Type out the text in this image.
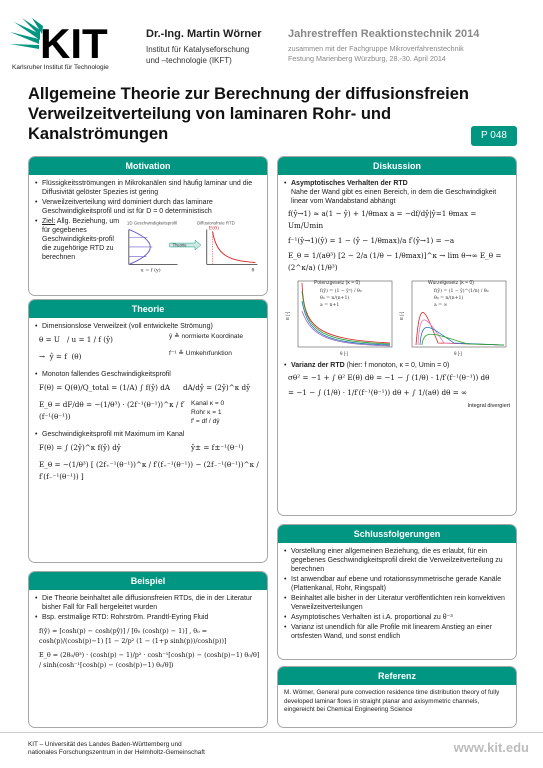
KIT
Karlsruher Institut für Technologie
Dr.-Ing. Martin Wörner
Institut für Katalyseforschung
und –technologie (IKFT)
Jahrestreffen Reaktionstechnik 2014
zusammen mit der Fachgruppe Mikroverfahrenstechnik
Festung Marienberg Würzburg, 28.-30. April 2014
Allgemeine Theorie zur Berechnung der diffusionsfreien
Verweilzeitverteilung von laminaren Rohr- und
Kanalströmungen	P 048
Motivation
• Flüssigkeitsströmungen in Mikrokanälen sind häufig laminar und die Diffusivität gelöster Spezies ist gering
• Verweilzeitverteilung wird dominiert durch das laminare Geschwindigkeitsprofil und ist für D = 0 deterministisch
• Ziel: Allg. Beziehung, um für gegebenes Geschwindigkeits-profil die zugehörige RTD zu berechnen
1D Geschwindigkeitsprofil	Diffusionsfreie RTD
u = f (y)
Theorie
E(θ)
θ
Theorie
• Dimensionslose Verweilzeit (voll entwickelte Strömung)
θ = U   / u = 1 / f (ŷ)	ŷ ≙ normierte Koordinate
→  ŷ = f  (θ)	f⁻¹ ≙ Umkehrfunktion
• Monoton fallendes Geschwindigkeitsprofil
F(θ) = Q(θ)/Q_total = (1/A) ∫ f(ŷ) dA	dA/dŷ = (2ŷ)^κ dŷ
E_θ = dF/dθ = −(1/θ³) · (2f⁻¹(θ⁻¹))^κ / f′(f⁻¹(θ⁻¹))
Kanal κ = 0
Rohr κ = 1
f′ = df / dŷ
• Geschwindigkeitsprofil mit Maximum im Kanal
F(θ) = ∫ (2ŷ)^κ f(ŷ) dŷ	ŷ± = f±⁻¹(θ⁻¹)
E_θ = −(1/θ³) [ (2f₊⁻¹(θ⁻¹))^κ / f′(f₊⁻¹(θ⁻¹)) − (2f₋⁻¹(θ⁻¹))^κ / f′(f₋⁻¹(θ⁻¹)) ]
Beispiel
• Die Theorie beinhaltet alle diffusionsfreien RTDs, die in der Literatur bisher Fall für Fall hergeleitet wurden
• Bsp. erstmalige RTD: Rohrström. Prandtl-Eyring Fluid
f(ŷ) = [cosh(p) − cosh(pŷ)] / [θ₀ (cosh(p) − 1)] , θ₀ = cosh(p)/(cosh(p)−1) [1 − 2/p² (1 − (1+p sinh(p))/cosh(p))]
E_θ = (2θ₀/θ³) · (cosh(p) − 1)/p² · cosh⁻¹[cosh(p) − (cosh(p)−1) θ₀/θ] / sinh(cosh⁻¹[cosh(p) − (cosh(p)−1) θ₀/θ])
Diskussion
• Asymptotisches Verhalten der RTD
Nahe der Wand gibt es einen Bereich, in dem die Geschwindigkeit linear vom Wandabstand abhängt
f(ŷ→1) ≈ a(1 − ŷ) + 1/θmax a = −df/dŷ|ŷ=1 θmax = Um/Umin
f⁻¹(ŷ→1)(ŷ) = 1 − (ŷ − 1/θmax)/a f′(ŷ→1) = −a
E_θ = 1/(aθ³) [2 − 2/a (1/θ − 1/θmax)]^κ → lim θ→∞ E_θ = (2^κ/a) (1/θ³)
Potenzgesetz (κ = 0)
f(ŷ) = (1 − ŷⁿ) / θ₀
θ₀ = n/(n+1)
a = n+1
E [-]
θ [-]
Wurzelgesetz (κ = 0)
f(ŷ) = (1 − ŷ)^(1/n) / θ₀
θ₀ = n/(n+1)
a = ∞
E [-]
θ [-]
• Varianz der RTD (hier: f monoton, κ = 0, Umin = 0)
σθ² = −1 + ∫ θ² E(θ) dθ = −1 − ∫ (1/θ) · 1/f′(f⁻¹(θ⁻¹)) dθ
= −1 − ∫ (1/θ) · 1/f′(f⁻¹(θ⁻¹)) dθ + ∫ 1/(aθ) dθ = ∞
Integral divergiert
Schlussfolgerungen
• Vorstellung einer allgemeinen Beziehung, die es erlaubt, für ein gegebenes Geschwindigkeitsprofil direkt die Verweilzeitverteilung zu berechnen
• Ist anwendbar auf ebene und rotationssymmetrische gerade Kanäle (Plattenkanal, Rohr, Ringspalt)
• Beinhaltet alle bisher in der Literatur veröffentlichten rein konvektiven Verweilzeitverteilungen
• Asymptotisches Verhalten ist i.A. proportional zu θ⁻³
• Varianz ist unendlich für alle Profile mit linearem Anstieg an einer ortsfesten Wand, und sonst endlich
Referenz
M. Wörner, General pure convection residence time distribution theory of fully developed laminar flows in straight planar and axisymmetric channels, eingereicht bei Chemical Engineering Science
KIT – Universität des Landes Baden-Württemberg und
nationales Forschungszentrum in der Helmholtz-Gemeinschaft	www.kit.edu
